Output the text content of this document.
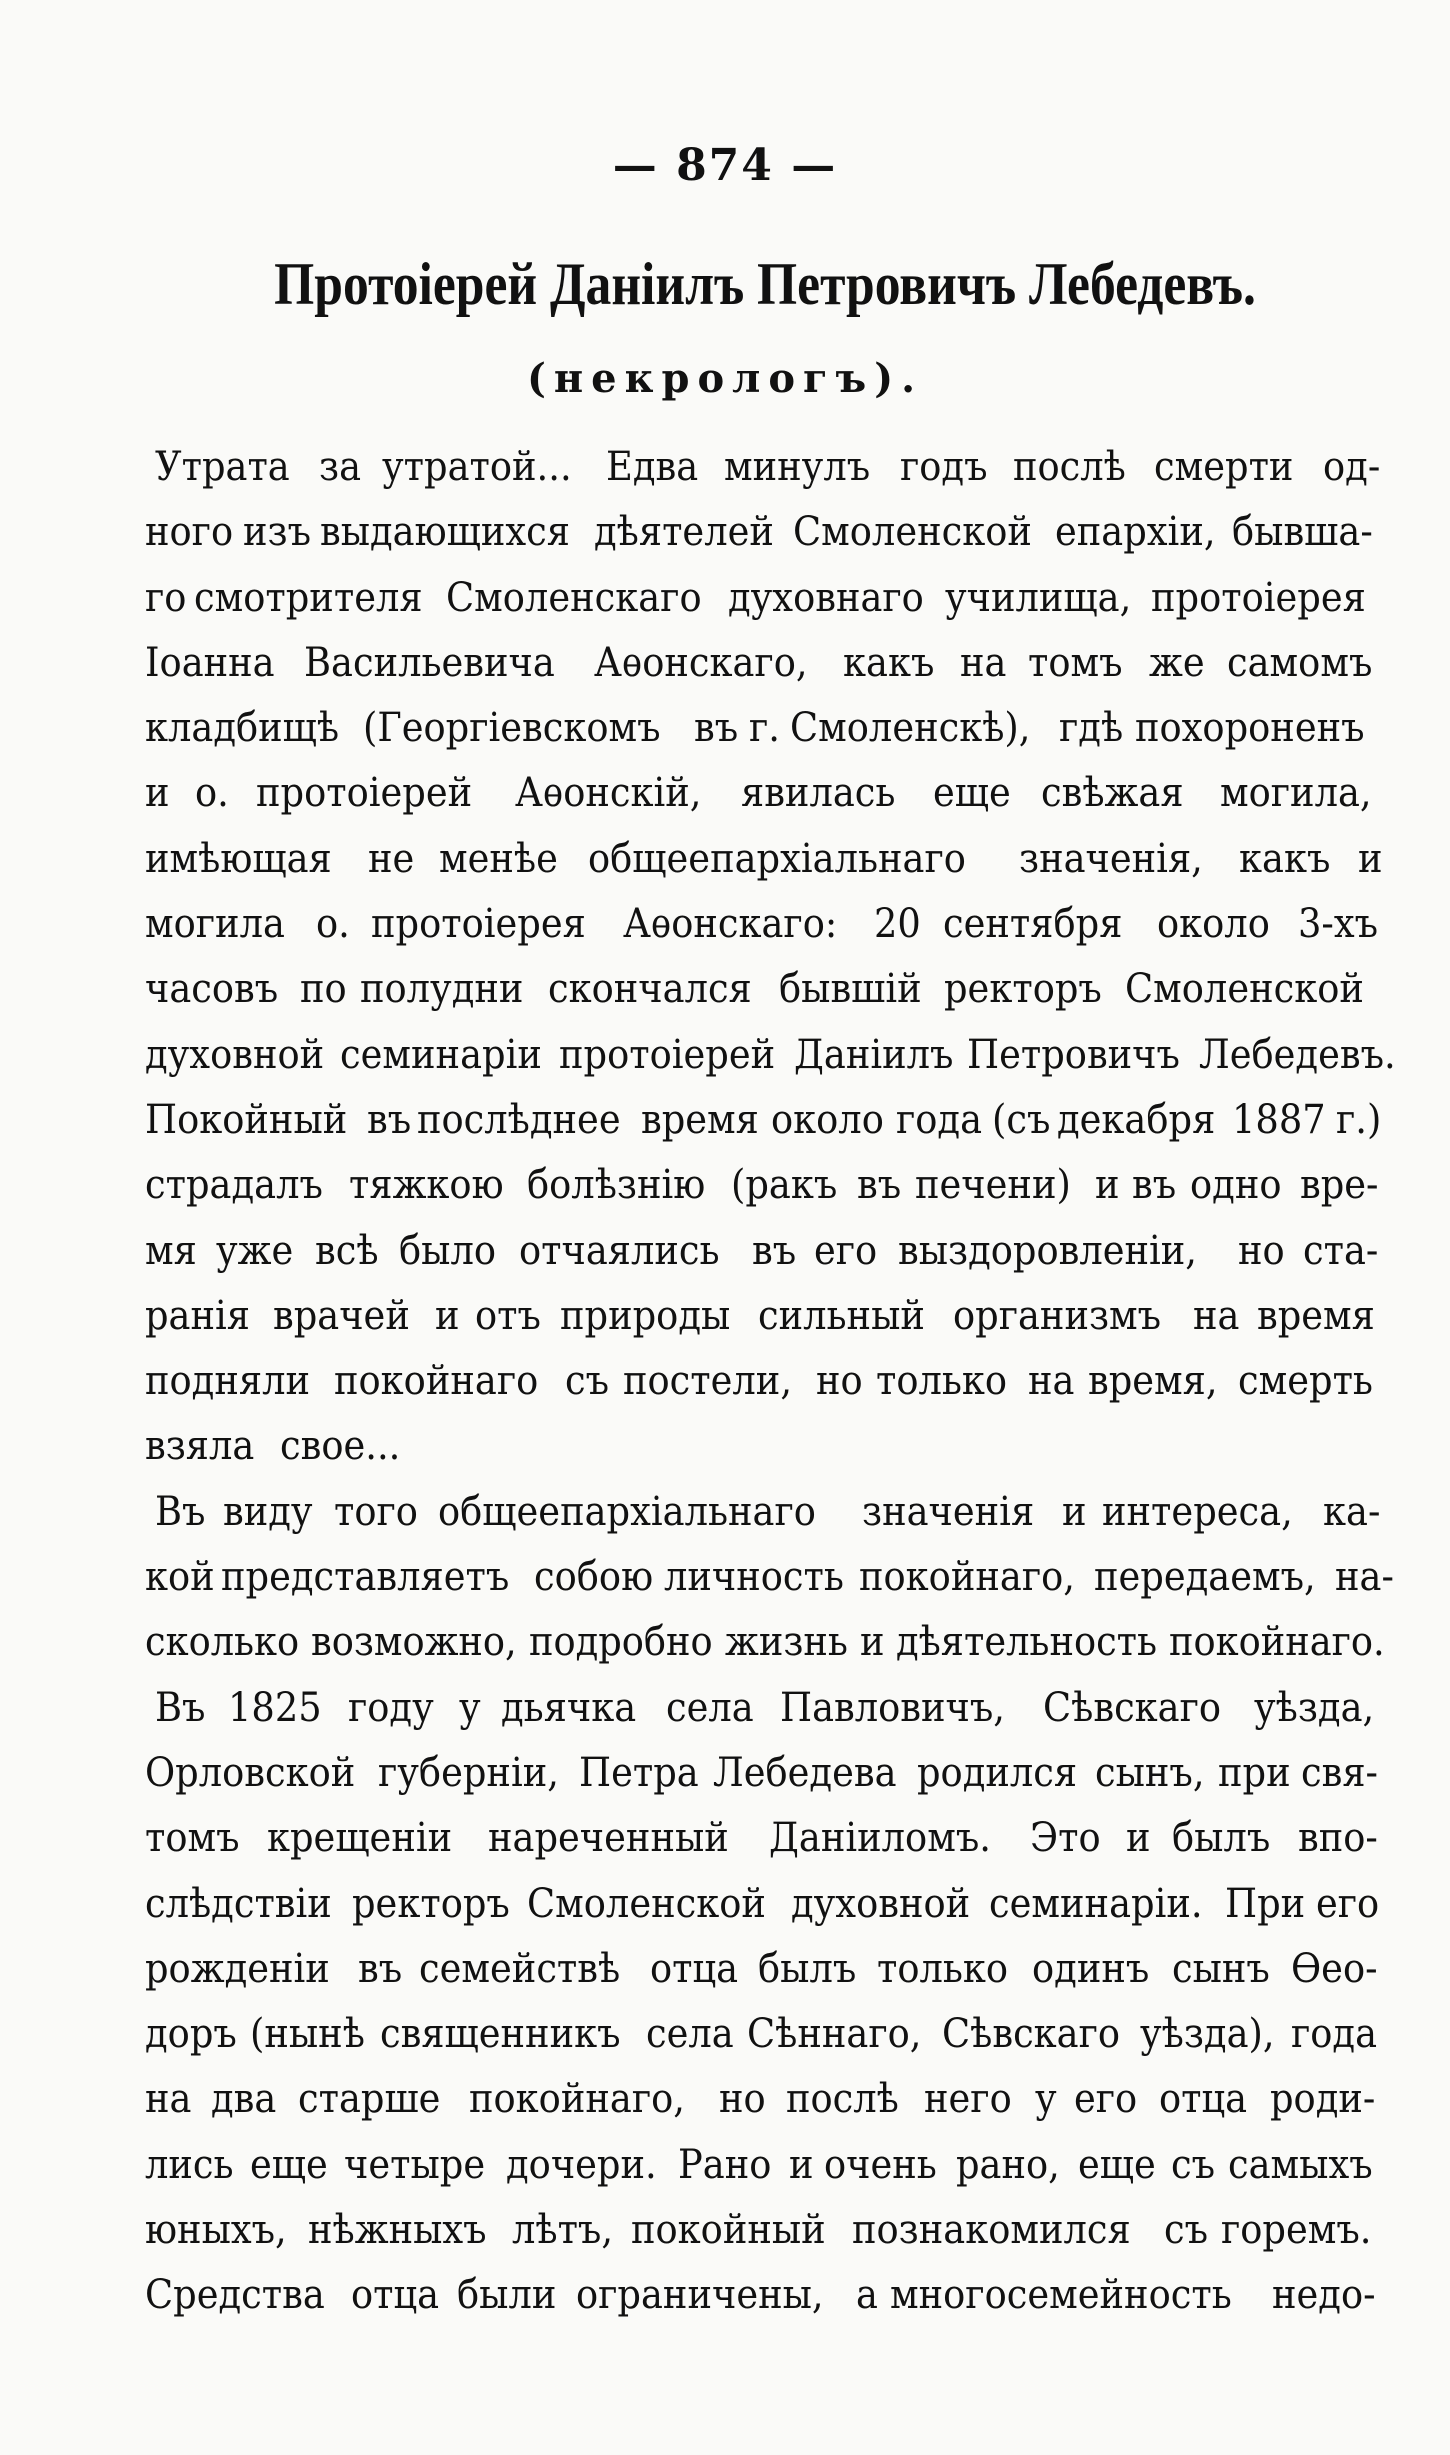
— 874 —
Протоіерей Даніилъ Петровичъ Лебедевъ.
(некрологъ).
Утрата за утратой... Едва минулъ годъ послѣ смерти од-
ного изъ выдающихся дѣятелей Смоленской епархіи, бывша-
го смотрителя Смоленскаго духовнаго училища, протоіерея
Іоанна Васильевича Аѳонскаго, какъ на томъ же самомъ
кладбищѣ (Георгіевскомъ въ г. Смоленскѣ), гдѣ похороненъ
и о. протоіерей Аѳонскій, явилась еще свѣжая могила,
имѣющая не менѣе общеепархіальнаго значенія, какъ и
могила о. протоіерея Аѳонскаго: 20 сентября около 3-хъ
часовъ по полудни скончался бывшій ректоръ Смоленской
духовной семинаріи протоіерей Даніилъ Петровичъ Лебедевъ.
Покойный въ послѣднее время около года (съ декабря 1887 г.)
страдалъ тяжкою болѣзнію (ракъ въ печени) и въ одно вре-
мя уже всѣ было отчаялись въ его выздоровленіи, но ста-
ранія врачей и отъ природы сильный организмъ на время
подняли покойнаго съ постели, но только на время, смерть
взяла свое...
Въ виду того общеепархіальнаго значенія и интереса, ка-
кой представляетъ собою личность покойнаго, передаемъ, на-
сколько возможно, подробно жизнь и дѣятельность покойнаго.
Въ 1825 году у дьячка села Павловичъ, Сѣвскаго уѣзда,
Орловской губерніи, Петра Лебедева родился сынъ, при свя-
томъ крещеніи нареченный Даніиломъ. Это и былъ впо-
слѣдствіи ректоръ Смоленской духовной семинаріи. При его
рожденіи въ семействѣ отца былъ только одинъ сынъ Ѳео-
доръ (нынѣ священникъ села Сѣннаго, Сѣвскаго уѣзда), года
на два старше покойнаго, но послѣ него у его отца роди-
лись еще четыре дочери. Рано и очень рано, еще съ самыхъ
юныхъ, нѣжныхъ лѣтъ, покойный познакомился съ горемъ.
Средства отца были ограничены, а многосемейность недо-
